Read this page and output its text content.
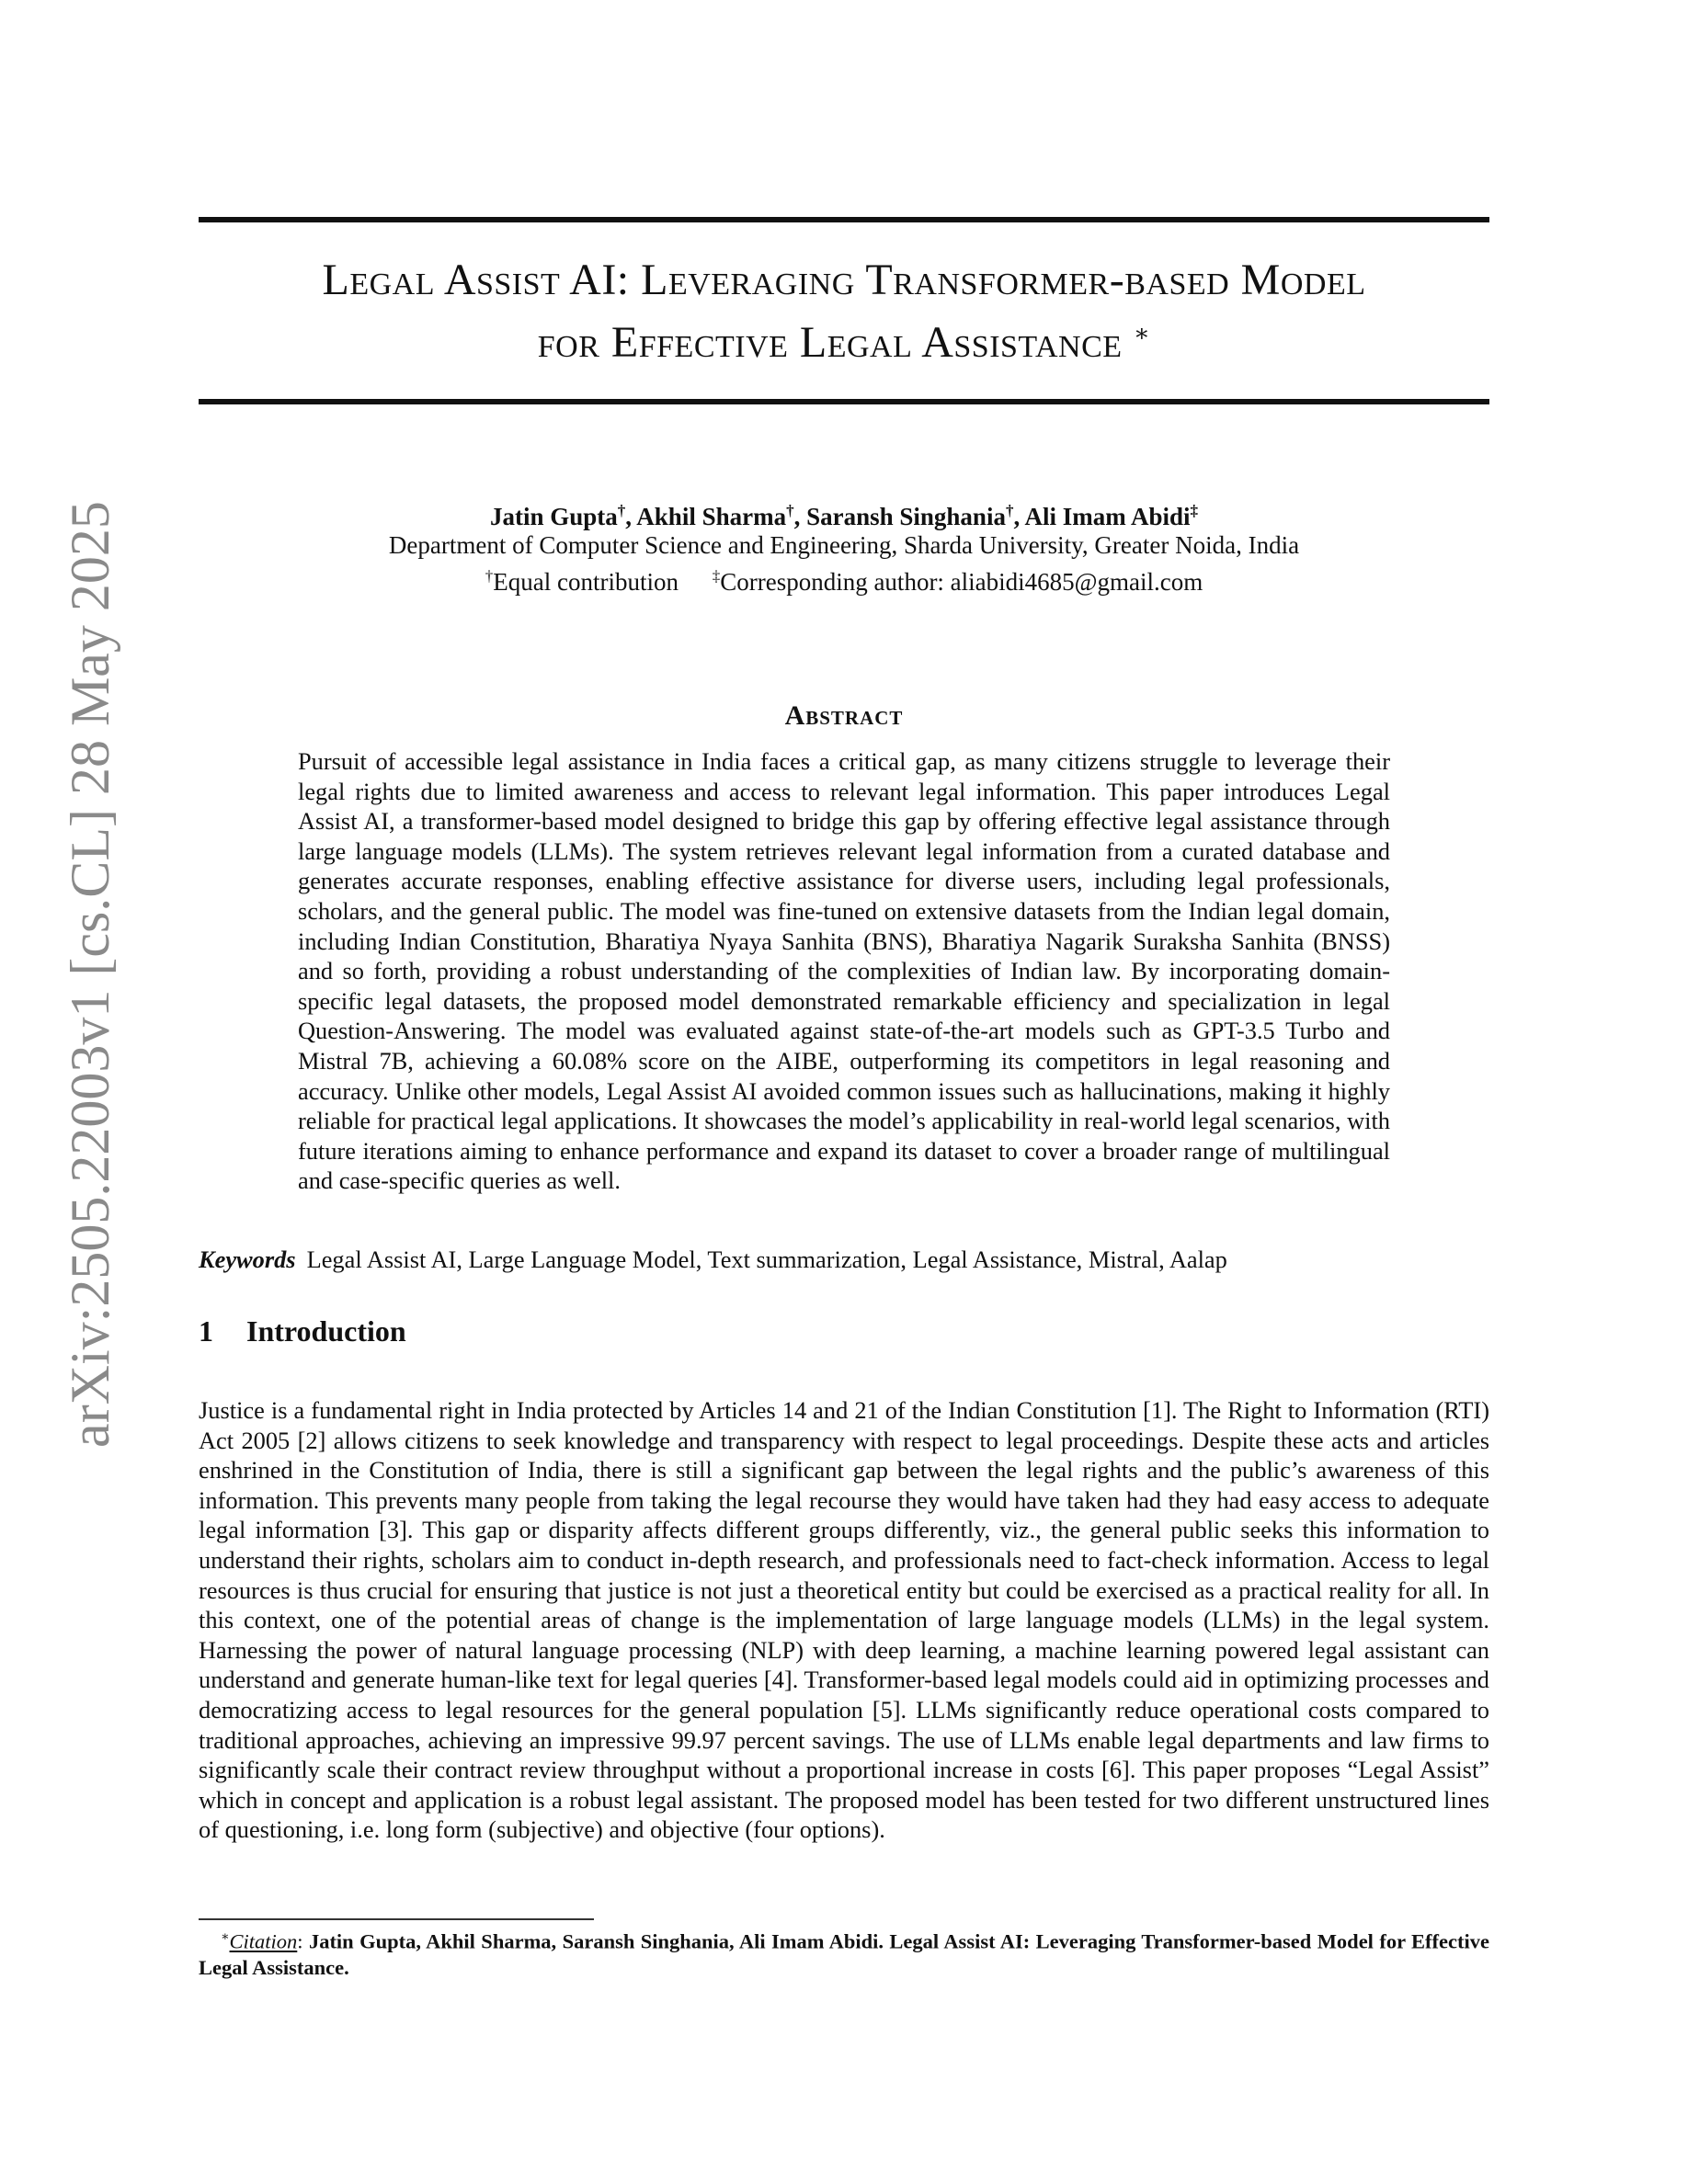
arXiv:2505.22003v1 [cs.CL] 28 May 2025
Legal Assist AI: Leveraging Transformer-based Model
for Effective Legal Assistance ∗
Jatin Gupta†, Akhil Sharma†, Saransh Singhania†, Ali Imam Abidi‡
Department of Computer Science and Engineering, Sharda University, Greater Noida, India
†Equal contribution ‡Corresponding author: aliabidi4685@gmail.com
Abstract
Pursuit of accessible legal assistance in India faces a critical gap, as many citizens struggle to leverage their legal rights due to limited awareness and access to relevant legal information. This paper introduces Legal Assist AI, a transformer-based model designed to bridge this gap by offering effective legal assistance through large language models (LLMs). The system retrieves relevant legal information from a curated database and generates accurate responses, enabling effective assistance for diverse users, including legal professionals, scholars, and the general public. The model was fine-tuned on extensive datasets from the Indian legal domain, including Indian Constitution, Bharatiya Nyaya Sanhita (BNS), Bharatiya Nagarik Suraksha Sanhita (BNSS) and so forth, providing a robust understanding of the complexities of Indian law. By incorporating domain-specific legal datasets, the proposed model demonstrated remarkable efficiency and specialization in legal Question-Answering. The model was evaluated against state-of-the-art models such as GPT-3.5 Turbo and Mistral 7B, achieving a 60.08% score on the AIBE, outperforming its competitors in legal reasoning and accuracy. Unlike other models, Legal Assist AI avoided common issues such as hallucinations, making it highly reliable for practical legal applications. It showcases the model’s applicability in real-world legal scenarios, with future iterations aiming to enhance performance and expand its dataset to cover a broader range of multilingual and case-specific queries as well.
Keywords Legal Assist AI, Large Language Model, Text summarization, Legal Assistance, Mistral, Aalap
1 Introduction
Justice is a fundamental right in India protected by Articles 14 and 21 of the Indian Constitution [1]. The Right to Information (RTI) Act 2005 [2] allows citizens to seek knowledge and transparency with respect to legal proceedings. Despite these acts and articles enshrined in the Constitution of India, there is still a significant gap between the legal rights and the public’s awareness of this information. This prevents many people from taking the legal recourse they would have taken had they had easy access to adequate legal information [3]. This gap or disparity affects different groups differently, viz., the general public seeks this information to understand their rights, scholars aim to conduct in-depth research, and professionals need to fact-check information. Access to legal resources is thus crucial for ensuring that justice is not just a theoretical entity but could be exercised as a practical reality for all. In this context, one of the potential areas of change is the implementation of large language models (LLMs) in the legal system. Harnessing the power of natural language processing (NLP) with deep learning, a machine learning powered legal assistant can understand and generate human-like text for legal queries [4]. Transformer-based legal models could aid in optimizing processes and democratizing access to legal resources for the general population [5]. LLMs significantly reduce operational costs compared to traditional approaches, achieving an impressive 99.97 percent savings. The use of LLMs enable legal departments and law firms to significantly scale their contract review throughput without a proportional increase in costs [6]. This paper proposes “Legal Assist” which in concept and application is a robust legal assistant. The proposed model has been tested for two different unstructured lines of questioning, i.e. long form (subjective) and objective (four options).
∗Citation: Jatin Gupta, Akhil Sharma, Saransh Singhania, Ali Imam Abidi. Legal Assist AI: Leveraging Transformer-based Model for Effective Legal Assistance.
